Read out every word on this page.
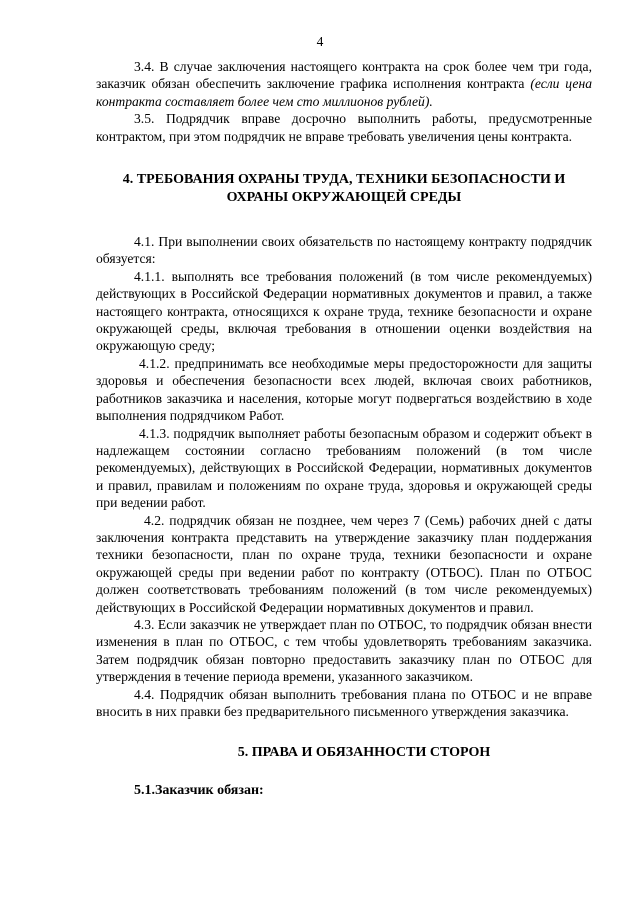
4

3.4. В случае заключения настоящего контракта на срок более чем три года, заказчик обязан обеспечить заключение графика исполнения контракта (если цена контракта составляет более чем сто миллионов рублей).

3.5. Подрядчик вправе досрочно выполнить работы, предусмотренные контрактом, при этом подрядчик не вправе требовать увеличения цены контракта.

4. ТРЕБОВАНИЯ ОХРАНЫ ТРУДА, ТЕХНИКИ БЕЗОПАСНОСТИ И ОХРАНЫ ОКРУЖАЮЩЕЙ СРЕДЫ

4.1. При выполнении своих обязательств по настоящему контракту подрядчик обязуется:

4.1.1. выполнять все требования положений (в том числе рекомендуемых) действующих в Российской Федерации нормативных документов и правил, а также настоящего контракта, относящихся к охране труда, технике безопасности и охране окружающей среды, включая требования в отношении оценки воздействия на окружающую среду;

4.1.2. предпринимать все необходимые меры предосторожности для защиты здоровья и обеспечения безопасности всех людей, включая своих работников, работников заказчика и населения, которые могут подвергаться воздействию в ходе выполнения подрядчиком Работ.

4.1.3. подрядчик выполняет работы безопасным образом и содержит объект в надлежащем состоянии согласно требованиям положений (в том числе рекомендуемых), действующих в Российской Федерации, нормативных документов и правил, правилам и положениям по охране труда, здоровья и окружающей среды при ведении работ.

4.2. подрядчик обязан не позднее, чем через 7 (Семь) рабочих дней с даты заключения контракта представить на утверждение заказчику план поддержания техники безопасности, план по охране труда, техники безопасности и охране окружающей среды при ведении работ по контракту (ОТБОС). План по ОТБОС должен соответствовать требованиям положений (в том числе рекомендуемых) действующих в Российской Федерации нормативных документов и правил.

4.3. Если заказчик не утверждает план по ОТБОС, то подрядчик обязан внести изменения в план по ОТБОС, с тем чтобы удовлетворять требованиям заказчика. Затем подрядчик обязан повторно предоставить заказчику план по ОТБОС для утверждения в течение периода времени, указанного заказчиком.

4.4. Подрядчик обязан выполнить требования плана по ОТБОС и не вправе вносить в них правки без предварительного письменного утверждения заказчика.

5. ПРАВА И ОБЯЗАННОСТИ СТОРОН

5.1.Заказчик обязан:
